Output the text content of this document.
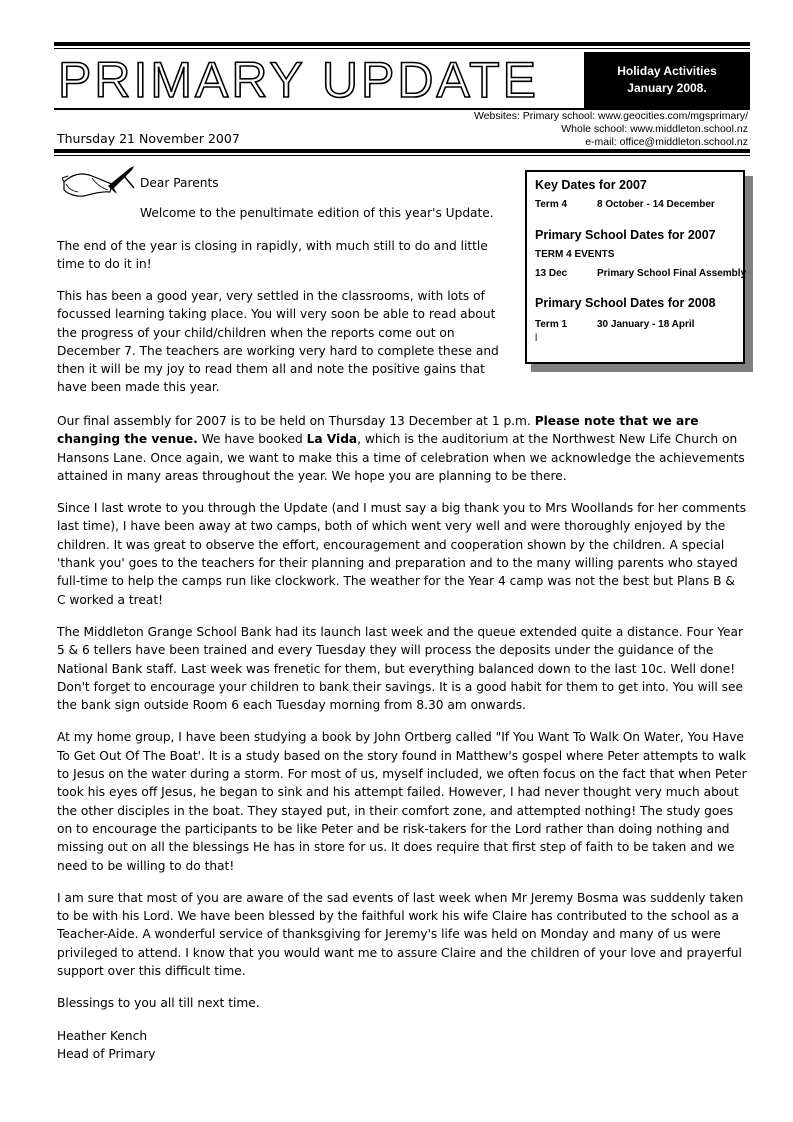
PRIMARY UPDATE	Holiday Activities
January 2008.
Websites: Primary school: www.geocities.com/mgsprimary/
Whole school: www.middleton.school.nz
e-mail: office@middleton.school.nz
Thursday 21 November 2007
Dear Parents
Welcome to the penultimate edition of this year's Update.

The end of the year is closing in rapidly, with much still to do and little time to do it in!

This has been a good year, very settled in the classrooms, with lots of focussed learning taking place. You will very soon be able to read about the progress of your child/children when the reports come out on December 7. The teachers are working very hard to complete these and then it will be my joy to read them all and note the positive gains that have been made this year.

Key Dates for 2007
Term 4	8 October - 14 December
Primary School Dates for 2007
TERM 4 EVENTS
13 Dec	Primary School Final Assembly
Primary School Dates for 2008
Term 1	30 January - 18 April
l

Our final assembly for 2007 is to be held on Thursday 13 December at 1 p.m. Please note that we are changing the venue. We have booked La Vida, which is the auditorium at the Northwest New Life Church on Hansons Lane. Once again, we want to make this a time of celebration when we acknowledge the achievements attained in many areas throughout the year. We hope you are planning to be there.

Since I last wrote to you through the Update (and I must say a big thank you to Mrs Woollands for her comments last time), I have been away at two camps, both of which went very well and were thoroughly enjoyed by the children. It was great to observe the effort, encouragement and cooperation shown by the children. A special 'thank you' goes to the teachers for their planning and preparation and to the many willing parents who stayed full-time to help the camps run like clockwork. The weather for the Year 4 camp was not the best but Plans B & C worked a treat!

The Middleton Grange School Bank had its launch last week and the queue extended quite a distance. Four Year 5 & 6 tellers have been trained and every Tuesday they will process the deposits under the guidance of the National Bank staff. Last week was frenetic for them, but everything balanced down to the last 10c. Well done! Don't forget to encourage your children to bank their savings. It is a good habit for them to get into. You will see the bank sign outside Room 6 each Tuesday morning from 8.30 am onwards.

At my home group, I have been studying a book by John Ortberg called "If You Want To Walk On Water, You Have To Get Out Of The Boat'. It is a study based on the story found in Matthew's gospel where Peter attempts to walk to Jesus on the water during a storm. For most of us, myself included, we often focus on the fact that when Peter took his eyes off Jesus, he began to sink and his attempt failed. However, I had never thought very much about the other disciples in the boat. They stayed put, in their comfort zone, and attempted nothing! The study goes on to encourage the participants to be like Peter and be risk-takers for the Lord rather than doing nothing and missing out on all the blessings He has in store for us. It does require that first step of faith to be taken and we need to be willing to do that!

I am sure that most of you are aware of the sad events of last week when Mr Jeremy Bosma was suddenly taken to be with his Lord. We have been blessed by the faithful work his wife Claire has contributed to the school as a Teacher-Aide. A wonderful service of thanksgiving for Jeremy's life was held on Monday and many of us were privileged to attend. I know that you would want me to assure Claire and the children of your love and prayerful support over this difficult time.

Blessings to you all till next time.

Heather Kench
Head of Primary
